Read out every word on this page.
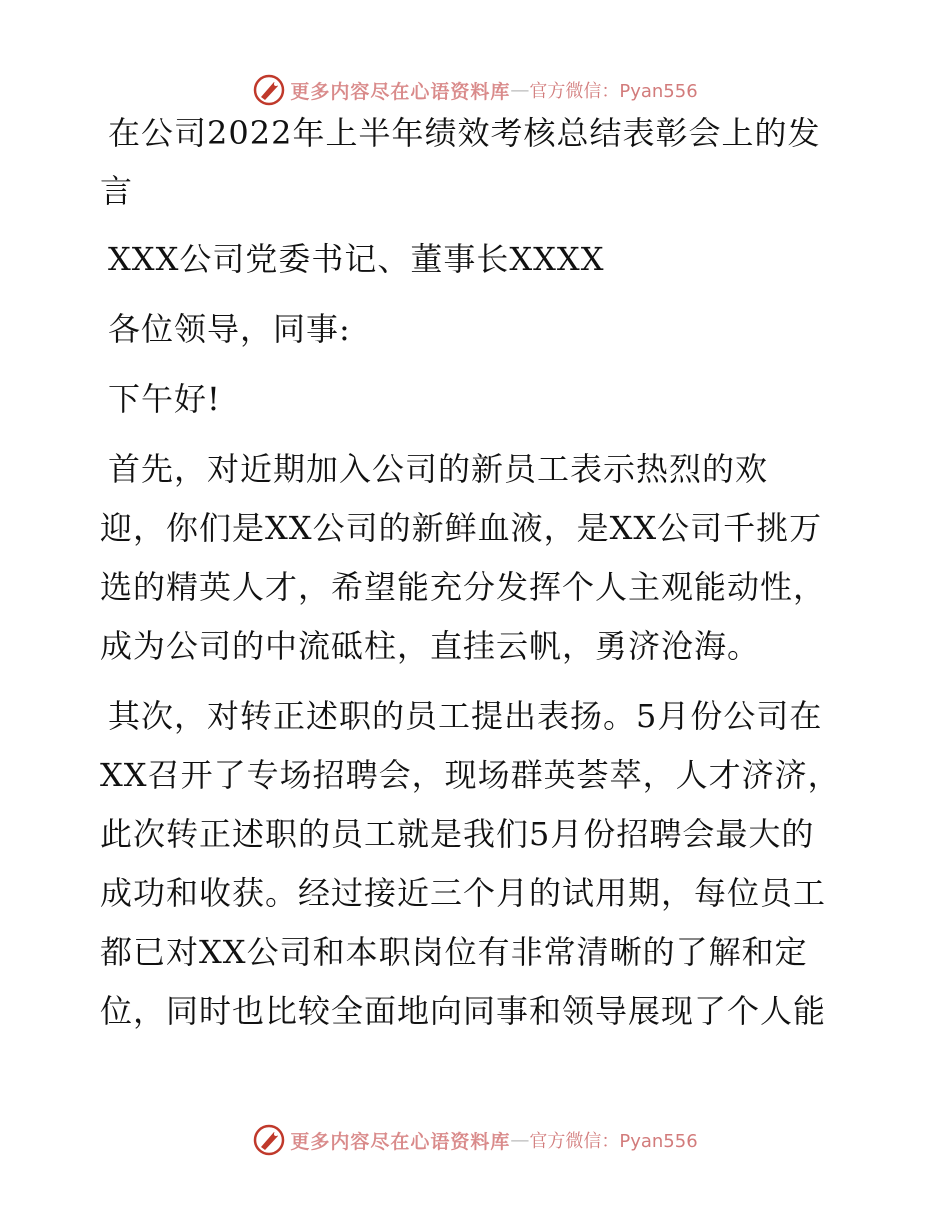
更多内容尽在心语资料库 — 官方微信：Pyan556
在公司2022年上半年绩效考核总结表彰会上的发
言
XXX公司党委书记、董事长XXXX
各位领导，同事:
下午好!
首先，对近期加入公司的新员工表示热烈的欢
迎，你们是XX公司的新鲜血液，是XX公司千挑万
选的精英人才，希望能充分发挥个人主观能动性，
成为公司的中流砥柱，直挂云帆，勇济沧海。
其次，对转正述职的员工提出表扬。5月份公司在
XX召开了专场招聘会，现场群英荟萃，人才济济，
此次转正述职的员工就是我们5月份招聘会最大的
成功和收获。经过接近三个月的试用期，每位员工
都已对XX公司和本职岗位有非常清晰的了解和定
位，同时也比较全面地向同事和领导展现了个人能
更多内容尽在心语资料库 — 官方微信：Pyan556
